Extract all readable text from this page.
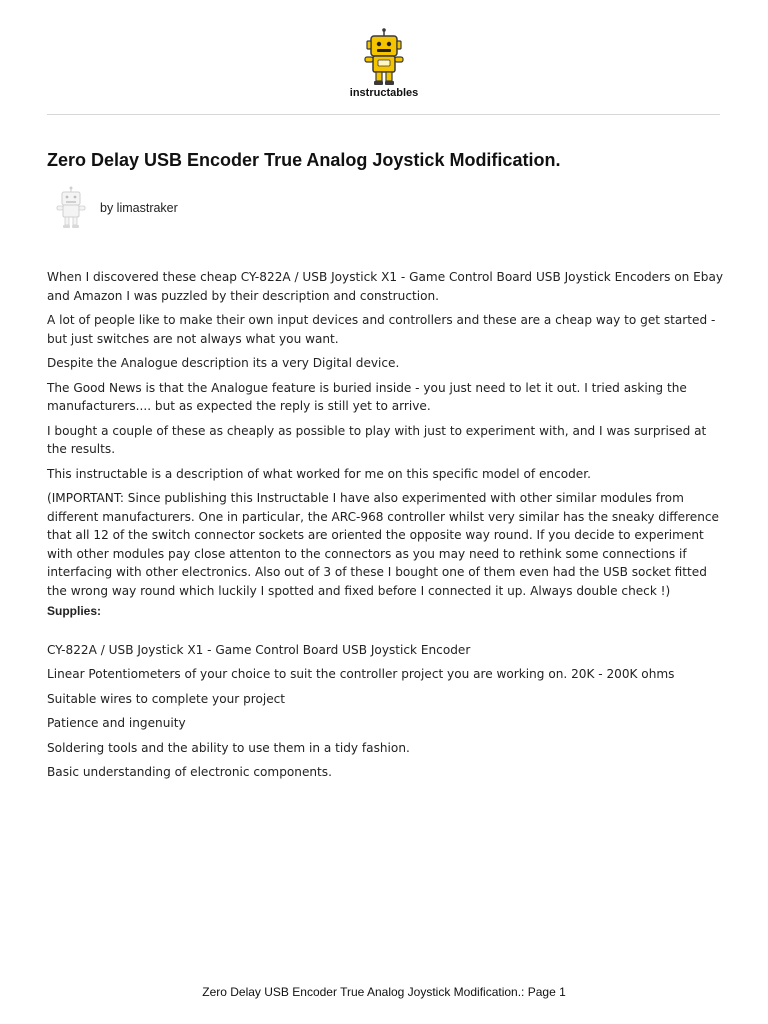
instructables
Zero Delay USB Encoder True Analog Joystick Modification.
by limastraker

When I discovered these cheap CY-822A / USB Joystick X1 - Game Control Board USB Joystick Encoders on Ebay and Amazon I was puzzled by their description and construction.

A lot of people like to make their own input devices and controllers and these are a cheap way to get started - but just switches are not always what you want.

Despite the Analogue description its a very Digital device.

The Good News is that the Analogue feature is buried inside - you just need to let it out. I tried asking the manufacturers.... but as expected the reply is still yet to arrive.

I bought a couple of these as cheaply as possible to play with just to experiment with, and I was surprised at the results.

This instructable is a description of what worked for me on this specific model of encoder.

(IMPORTANT: Since publishing this Instructable I have also experimented with other similar modules from different manufacturers. One in particular, the ARC-968 controller whilst very similar has the sneaky difference that all 12 of the switch connector sockets are oriented the opposite way round. If you decide to experiment with other modules pay close attenton to the connectors as you may need to rethink some connections if interfacing with other electronics. Also out of 3 of these I bought one of them even had the USB socket fitted the wrong way round which luckily I spotted and fixed before I connected it up. Always double check !)

Supplies:

CY-822A / USB Joystick X1 - Game Control Board USB Joystick Encoder

Linear Potentiometers of your choice to suit the controller project you are working on. 20K - 200K ohms

Suitable wires to complete your project

Patience and ingenuity

Soldering tools and the ability to use them in a tidy fashion.

Basic understanding of electronic components.

Zero Delay USB Encoder True Analog Joystick Modification.: Page 1
